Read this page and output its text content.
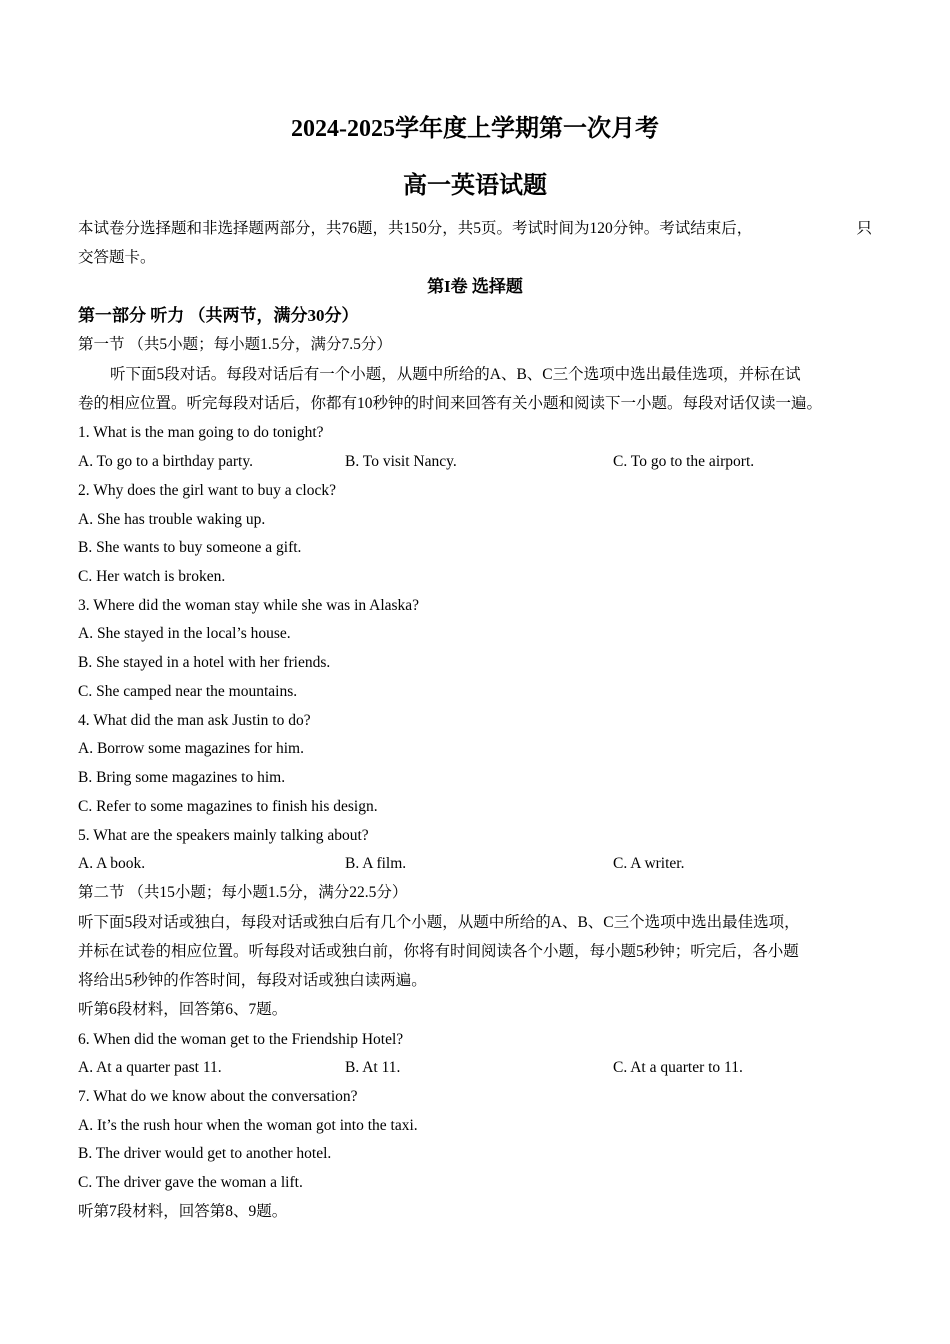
2024-2025学年度上学期第一次月考
高一英语试题
本试卷分选择题和非选择题两部分，共76题，共150分，共5页。考试时间为120分钟。考试结束后，	只
交答题卡。
第I卷 选择题
第一部分 听力 （共两节，满分30分）
第一节 （共5小题；每小题1.5分，满分7.5分）
听下面5段对话。每段对话后有一个小题，从题中所给的A、B、C三个选项中选出最佳选项，并标在试
卷的相应位置。听完每段对话后，你都有10秒钟的时间来回答有关小题和阅读下一小题。每段对话仅读一遍。
1. What is the man going to do tonight?
A. To go to a birthday party.	B. To visit Nancy.	C. To go to the airport.
2. Why does the girl want to buy a clock?
A. She has trouble waking up.
B. She wants to buy someone a gift.
C. Her watch is broken.
3. Where did the woman stay while she was in Alaska?
A. She stayed in the local’s house.
B. She stayed in a hotel with her friends.
C. She camped near the mountains.
4. What did the man ask Justin to do?
A. Borrow some magazines for him.
B. Bring some magazines to him.
C. Refer to some magazines to finish his design.
5. What are the speakers mainly talking about?
A. A book.	B. A film.	C. A writer.
第二节 （共15小题；每小题1.5分，满分22.5分）
听下面5段对话或独白，每段对话或独白后有几个小题，从题中所给的A、B、C三个选项中选出最佳选项，
并标在试卷的相应位置。听每段对话或独白前，你将有时间阅读各个小题，每小题5秒钟；听完后，各小题
将给出5秒钟的作答时间，每段对话或独白读两遍。
听第6段材料，回答第6、7题。
6. When did the woman get to the Friendship Hotel?
A. At a quarter past 11.	B. At 11.	C. At a quarter to 11.
7. What do we know about the conversation?
A. It’s the rush hour when the woman got into the taxi.
B. The driver would get to another hotel.
C. The driver gave the woman a lift.
听第7段材料，回答第8、9题。
